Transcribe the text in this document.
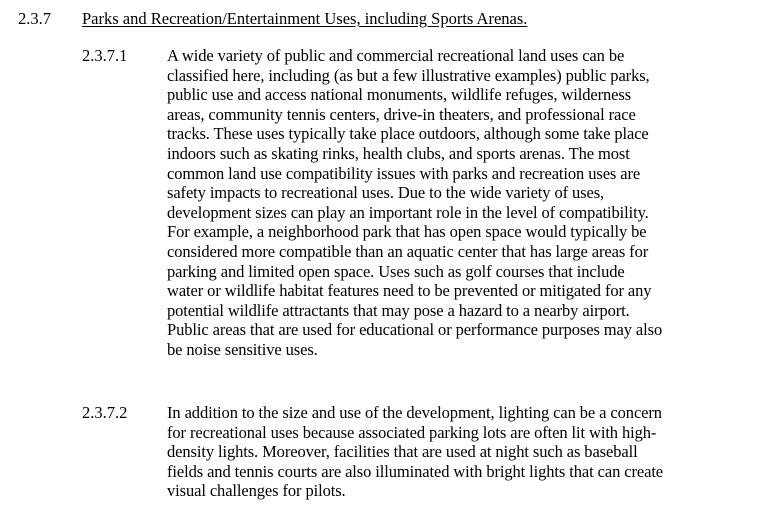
2.3.7 Parks and Recreation/Entertainment Uses, including Sports Arenas.
2.3.7.1 A wide variety of public and commercial recreational land uses can be
classified here, including (as but a few illustrative examples) public parks,
public use and access national monuments, wildlife refuges, wilderness
areas, community tennis centers, drive-in theaters, and professional race
tracks. These uses typically take place outdoors, although some take place
indoors such as skating rinks, health clubs, and sports arenas. The most
common land use compatibility issues with parks and recreation uses are
safety impacts to recreational uses. Due to the wide variety of uses,
development sizes can play an important role in the level of compatibility.
For example, a neighborhood park that has open space would typically be
considered more compatible than an aquatic center that has large areas for
parking and limited open space. Uses such as golf courses that include
water or wildlife habitat features need to be prevented or mitigated for any
potential wildlife attractants that may pose a hazard to a nearby airport.
Public areas that are used for educational or performance purposes may also
be noise sensitive uses.
2.3.7.2 In addition to the size and use of the development, lighting can be a concern
for recreational uses because associated parking lots are often lit with high-
density lights. Moreover, facilities that are used at night such as baseball
fields and tennis courts are also illuminated with bright lights that can create
visual challenges for pilots.
